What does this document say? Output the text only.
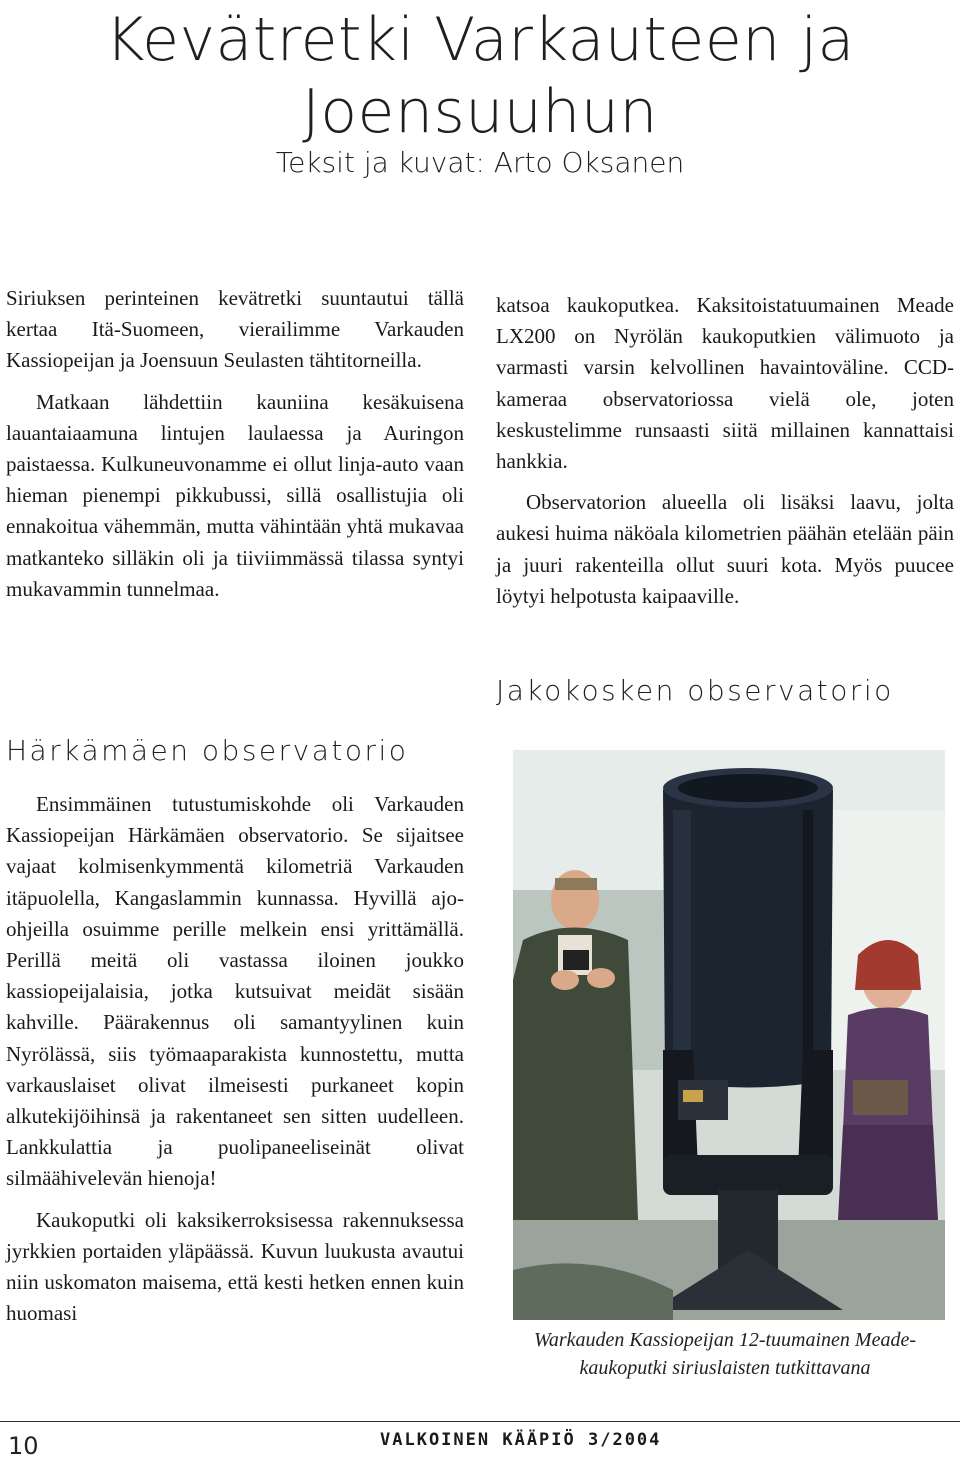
Kevätretki Varkauteen ja
Joensuuhun
Teksit ja kuvat: Arto Oksanen

Siriuksen perinteinen kevätretki suuntautui tällä kertaa Itä-Suomeen, vierailimme Varkauden Kassiopeijan ja Joensuun Seulasten tähtitorneilla.

Matkaan lähdettiin kauniina kesäkuisena lauantaiaamuna lintujen laulaessa ja Auringon paistaessa. Kulkuneuvonamme ei ollut linja-auto vaan hieman pienempi pikkubussi, sillä osallistujia oli ennakoitua vähemmän, mutta vähintään yhtä mukavaa matkanteko silläkin oli ja tiiviimmässä tilassa syntyi mukavammin tunnelmaa.

Härkämäen observatorio

Ensimmäinen tutustumiskohde oli Varkauden Kassiopeijan Härkämäen observatorio. Se sijaitsee vajaat kolmisenkymmentä kilometriä Varkauden itäpuolella, Kangaslammin kunnassa. Hyvillä ajo-ohjeilla osuimme perille melkein ensi yrittämällä. Perillä meitä oli vastassa iloinen joukko kassiopeijalaisia, jotka kutsuivat meidät sisään kahville. Päärakennus oli samantyylinen kuin Nyrölässä, siis työmaaparakista kunnostettu, mutta varkauslaiset olivat ilmeisesti purkaneet kopin alkutekijöihinsä ja rakentaneet sen sitten uudelleen. Lankkulattia ja puolipaneeliseinät olivat silmäähivelevän hienoja!

Kaukoputki oli kaksikerroksisessa rakennuksessa jyrkkien portaiden yläpäässä. Kuvun luukusta avautui niin uskomaton maisema, että kesti hetken ennen kuin huomasi

katsoa kaukoputkea. Kaksitoistatuumainen Meade LX200 on Nyrölän kaukoputkien välimuoto ja varmasti varsin kelvollinen havaintoväline. CCD-kameraa observatoriossa vielä ole, joten keskustelimme runsaasti siitä millainen kannattaisi hankkia.

Observatorion alueella oli lisäksi laavu, jolta aukesi huima näköala kilometrien päähän etelään päin ja juuri rakenteilla ollut suuri kota. Myös puucee löytyi helpotusta kaipaaville.

Jakokosken observatorio
Warkauden Kassiopeijan 12-tuumainen Meade-kaukoputki siriuslaisten tutkittavana
10	VALKOINEN KÄÄPIÖ 3/2004
